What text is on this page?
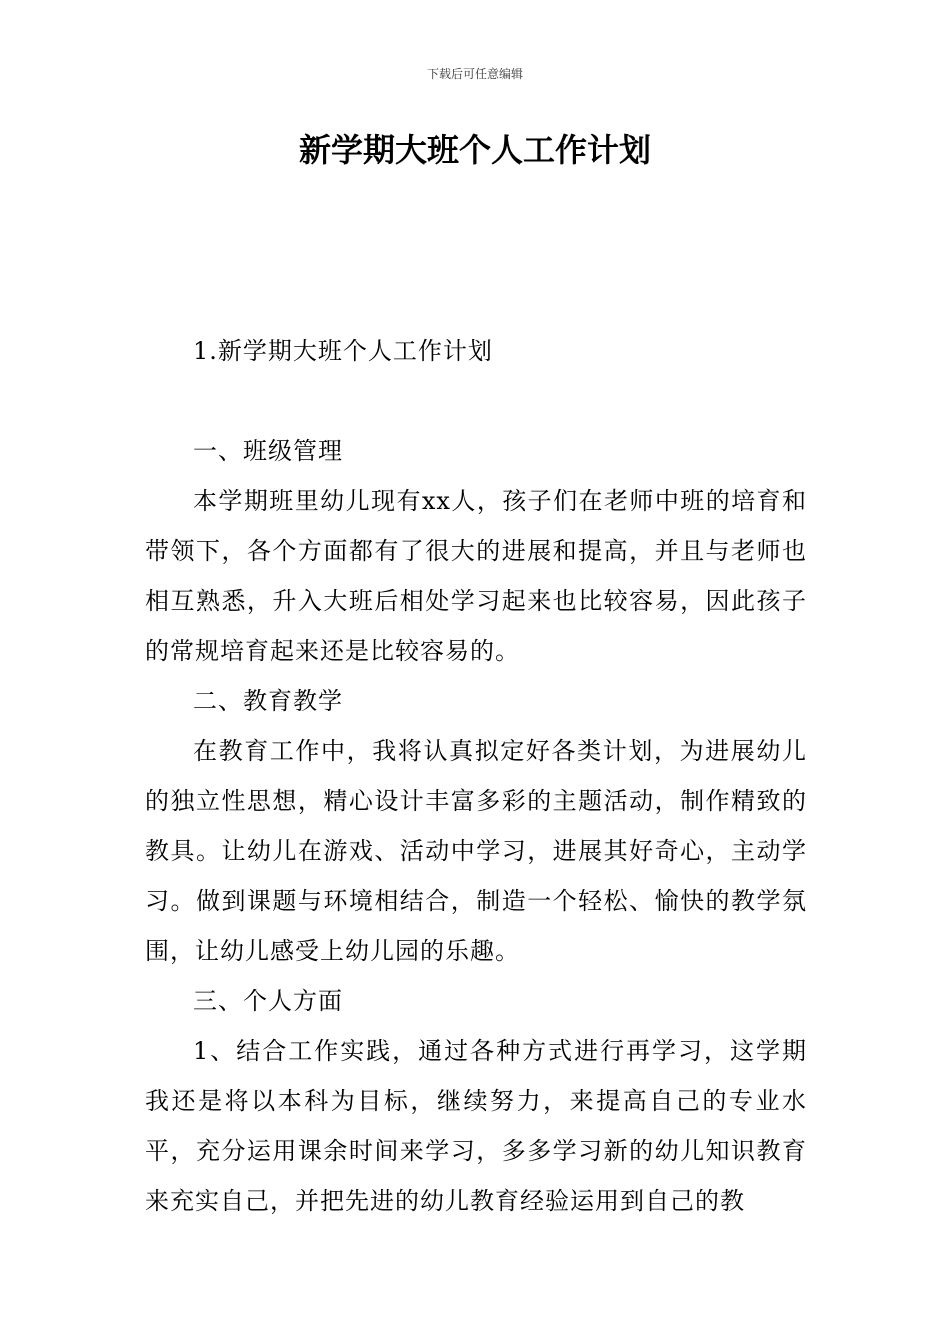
下载后可任意编辑
新学期大班个人工作计划

1.新学期大班个人工作计划

一、班级管理

本学期班里幼儿现有xx人，孩子们在老师中班的培育和带领下，各个方面都有了很大的进展和提高，并且与老师也相互熟悉，升入大班后相处学习起来也比较容易，因此孩子的常规培育起来还是比较容易的。

二、教育教学

在教育工作中，我将认真拟定好各类计划，为进展幼儿的独立性思想，精心设计丰富多彩的主题活动，制作精致的教具。让幼儿在游戏、活动中学习，进展其好奇心，主动学习。做到课题与环境相结合，制造一个轻松、愉快的教学氛围，让幼儿感受上幼儿园的乐趣。

三、个人方面

1、结合工作实践，通过各种方式进行再学习，这学期我还是将以本科为目标，继续努力，来提高自己的专业水平，充分运用课余时间来学习，多多学习新的幼儿知识教育来充实自己，并把先进的幼儿教育经验运用到自己的教
